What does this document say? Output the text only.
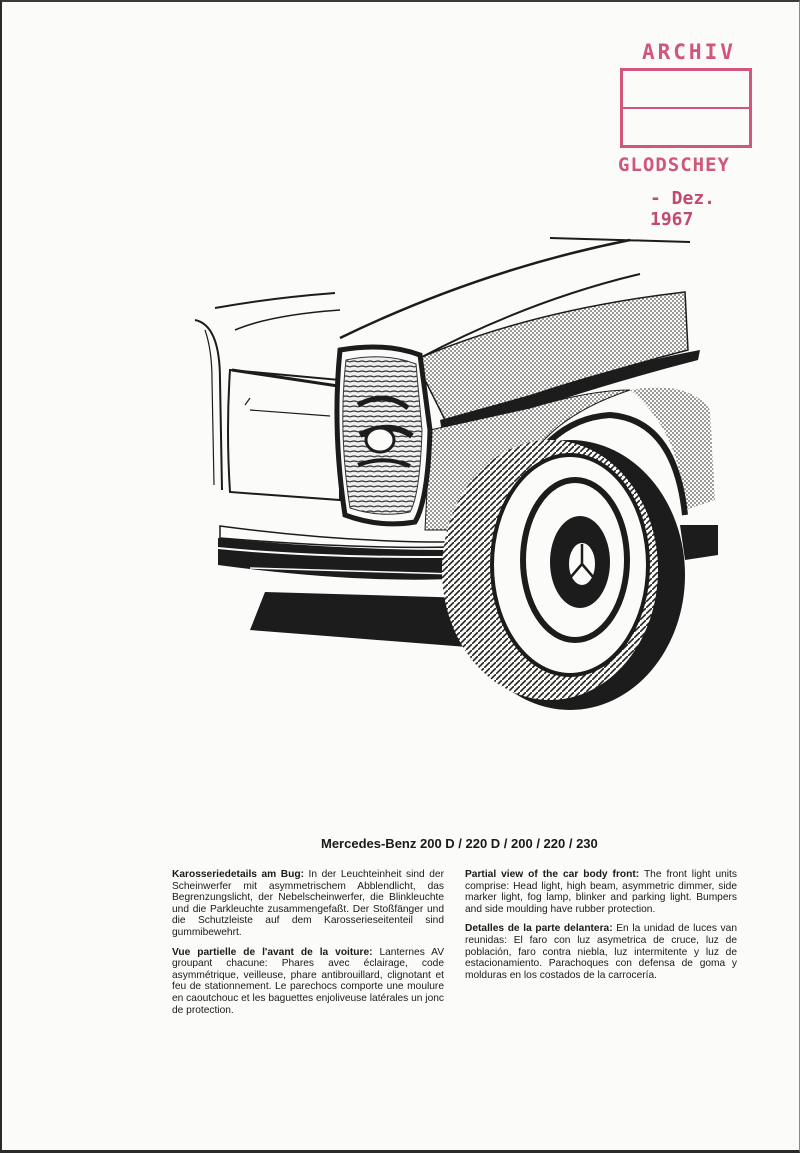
ARCHIV
GLODSCHEY
- Dez. 1967
Mercedes-Benz 200 D / 220 D / 200 / 220 / 230

Karosseriedetails am Bug: In der Leuchteinheit sind der Scheinwerfer mit asymmetrischem Abblendlicht, das Begrenzungslicht, der Nebelscheinwerfer, die Blinkleuchte und die Parkleuchte zusammengefaßt. Der Stoßfänger und die Schutzleiste auf dem Karosserieseitenteil sind gummibewehrt.

Vue partielle de l'avant de la voiture: Lanternes AV groupant chacune: Phares avec éclairage, code asymmétrique, veilleuse, phare antibrouillard, clignotant et feu de stationnement. Le parechocs comporte une moulure en caoutchouc et les baguettes enjoliveuse latérales un jonc de protection.

Partial view of the car body front: The front light units comprise: Head light, high beam, asymmetric dimmer, side marker light, fog lamp, blinker and parking light. Bumpers and side moulding have rubber protection.

Detalles de la parte delantera: En la unidad de luces van reunidas: El faro con luz asymetrica de cruce, luz de población, faro contra niebla, luz intermitente y luz de estacionamiento. Parachoques con defensa de goma y molduras en los costados de la carrocería.
